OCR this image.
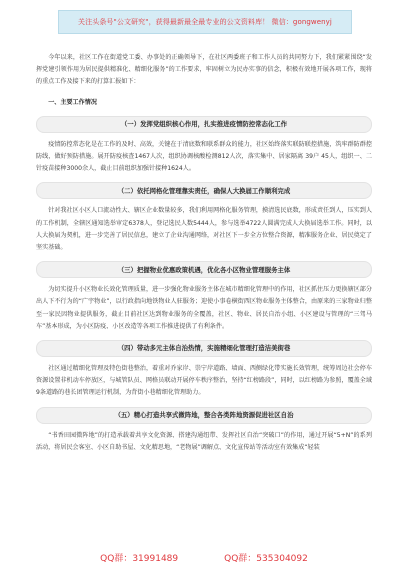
关注头条号"公文研究"，获得最新最全最专业的公文资料库！ 微信：gongwenyj

今年以来，社区工作在街道党工委、办事处的正确领导下，在社区两委班子和工作人员的共同努力下，我们紧紧围绕“发挥党建引领作用为居民提供精准化、精细化服务”的工作要求，牢固树立为民办实事的信念，积极有效地开展各项工作，现将的重点工作及接下来的打算汇报如下：

一、主要工作情况
（一）发挥党组织核心作用，扎实推进疫情防控常态化工作

疫情防控常态化是在工作的及时、高效，关键在于清底数和联系群众的能力，社区始终落实联防联控措施，筑牢群防群控防线，做好预防措施。展开防疫核查1467人次，组织协调核酸检测812人次，落实集中、居家隔离 39户 45人，组织一、二针疫苗接种3000余人，截止目前组织加强针接种1624人。

（二）依托网格化管理靠实责任，确保人大换届工作顺利完成

针对我社区小区人口流动性大、辖区企业数量较多，我们利用网格化服务管理，摸清选民底数，形成责任到人，压实到人的工作机制，全辖区通知选举审定6378人，登记选民人数5444人，参与选举4722人圆满完成人大换届选举工作。同时，以人大换届为契机，进一步完善了居民信息，建立了企业沟通网络，对社区下一步全方位整合资源，精准服务企业、居民奠定了坚实基础。

（三）把握物业优惠政策机遇，优化各小区物业管理服务主体

为切实提升小区物业长效化管理质量，进一步强化物业服务主体在城市精细化管理中的作用，社区抓住压力更换辖区部分出人下不行为的“广宇物业”，以行政指向地铁物业人驻服务；迎使小事卷横街西区物业服务主体整合，由原来的三家物业归整至一家民因物业提供服务，截止目前社区达到物业服务的全覆盖，社区、物业、居民自治小组、小区建设与管理的“三驾马车”基本形成，为小区防疫、小区改造等各项工作推进提供了有利条件。

（四）带动多元主体自治热情，实施精细化管理打造洁美街巷

社区通过精细化管理及特色街巷整治，着重对乔家岸、崇宁岸道路、墙面、西侧绿化带实施长效管理，统筹周边社会停车资源设置非机动车停放区，与城管队员、网格员联动开展停车秩序整治，坚持“红榜路段”，同时，以红榜路为参照，覆盖全域9条道路的巷长团管理运行机制，为背街小巷精细化管理助力。

（五）精心打造共享式微阵地，整合各类阵地资源促进社区自治

“书香田园微阵地”的打造承载着共享文化资源、搭建沟通纽带、发挥社区自治“突破口”的作用，通过开展“5+N”的系列活动，将居民会客室、小区自助书屋、文化精思地，“老物展”调解点、文化宣传站等活动室有效集成“轻装

QQ群：31991489	QQ群：535304092
